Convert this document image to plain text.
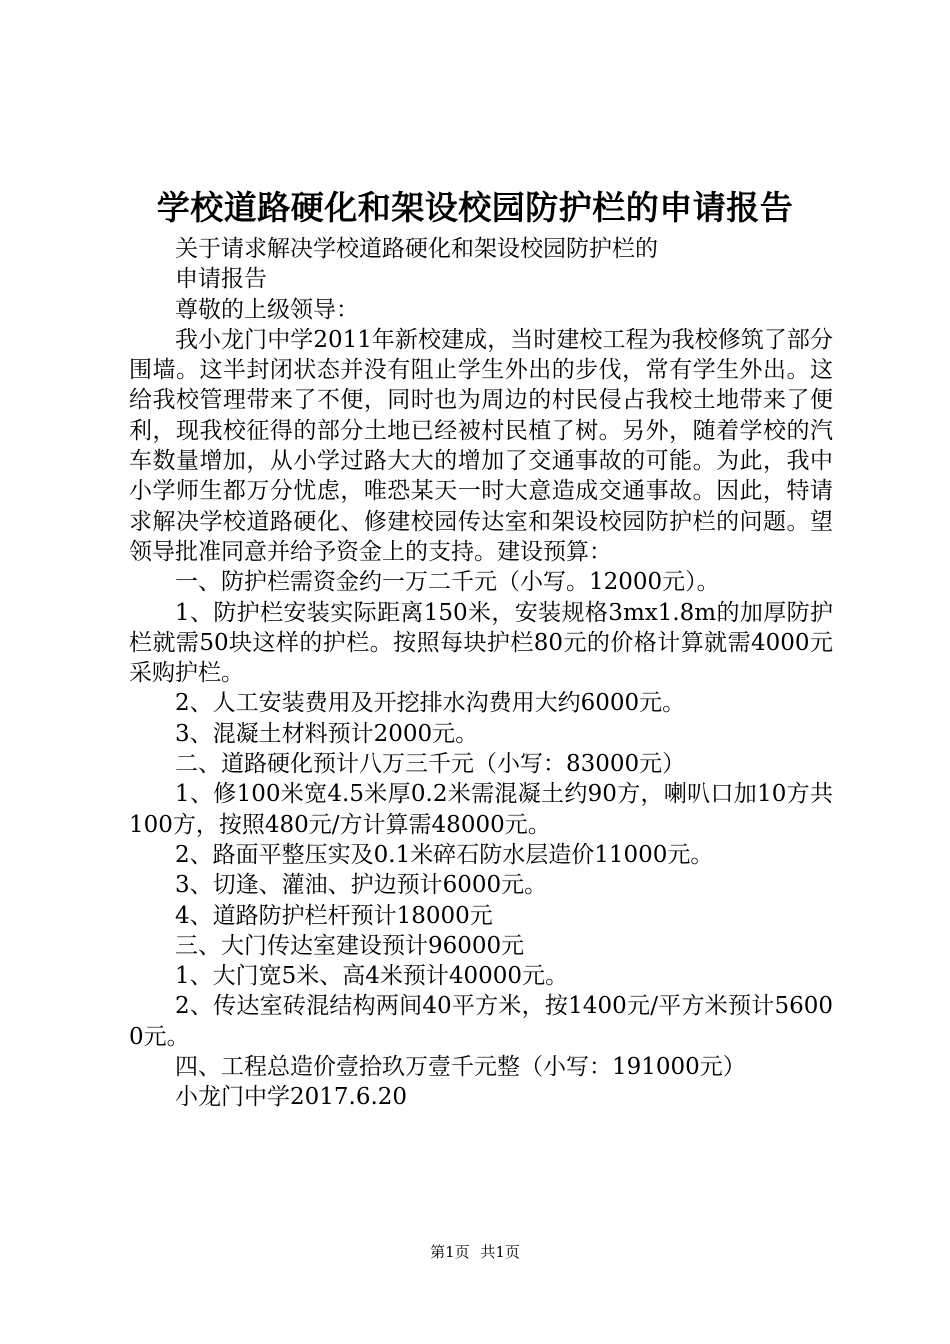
学校道路硬化和架设校园防护栏的申请报告

关于请求解决学校道路硬化和架设校园防护栏的

申请报告

尊敬的上级领导：

我小龙门中学2011年新校建成，当时建校工程为我校修筑了部分围墙。这半封闭状态并没有阻止学生外出的步伐，常有学生外出。这给我校管理带来了不便，同时也为周边的村民侵占我校土地带来了便利，现我校征得的部分土地已经被村民植了树。另外，随着学校的汽车数量增加，从小学过路大大的增加了交通事故的可能。为此，我中小学师生都万分忧虑，唯恐某天一时大意造成交通事故。因此，特请求解决学校道路硬化、修建校园传达室和架设校园防护栏的问题。望领导批准同意并给予资金上的支持。建设预算：

一、防护栏需资金约一万二千元（小写。12000元）。

1、防护栏安装实际距离150米，安装规格3mx1.8m的加厚防护栏就需50块这样的护栏。按照每块护栏80元的价格计算就需4000元采购护栏。

2、人工安装费用及开挖排水沟费用大约6000元。

3、混凝土材料预计2000元。

二、道路硬化预计八万三千元（小写：83000元）

1、修100米宽4.5米厚0.2米需混凝土约90方，喇叭口加10方共100方，按照480元/方计算需48000元。

2、路面平整压实及0.1米碎石防水层造价11000元。

3、切逢、灌油、护边预计6000元。

4、道路防护栏杆预计18000元

三、大门传达室建设预计96000元

1、大门宽5米、高4米预计40000元。

2、传达室砖混结构两间40平方米，按1400元/平方米预计56000元。

四、工程总造价壹拾玖万壹千元整（小写：191000元）

小龙门中学2017.6.20

第1页 共1页
